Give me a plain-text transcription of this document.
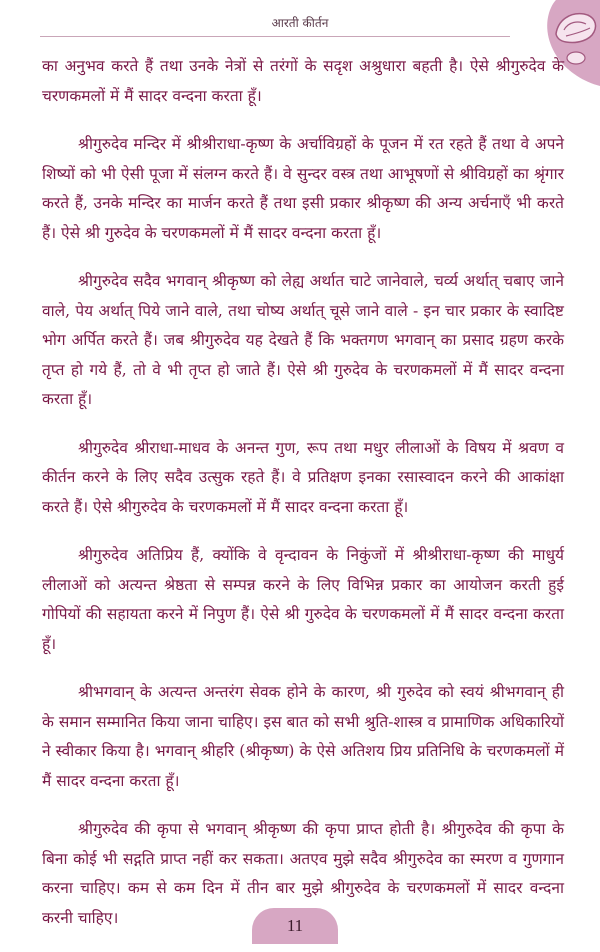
आरती कीर्तन

का अनुभव करते हैं तथा उनके नेत्रों से तरंगों के सदृश अश्रुधारा बहती है। ऐसे श्रीगुरुदेव के चरणकमलों में मैं सादर वन्दना करता हूँ।

श्रीगुरुदेव मन्दिर में श्रीश्रीराधा-कृष्ण के अर्चाविग्रहों के पूजन में रत रहते हैं तथा वे अपने शिष्यों को भी ऐसी पूजा में संलग्न करते हैं। वे सुन्दर वस्त्र तथा आभूषणों से श्रीविग्रहों का श्रृंगार करते हैं, उनके मन्दिर का मार्जन करते हैं तथा इसी प्रकार श्रीकृष्ण की अन्य अर्चनाएँ भी करते हैं। ऐसे श्री गुरुदेव के चरणकमलों में मैं सादर वन्दना करता हूँ।

श्रीगुरुदेव सदैव भगवान् श्रीकृष्ण को लेह्य अर्थात चाटे जानेवाले, चर्व्य अर्थात् चबाए जाने वाले, पेय अर्थात् पिये जाने वाले, तथा चोष्य अर्थात् चूसे जाने वाले - इन चार प्रकार के स्वादिष्ट भोग अर्पित करते हैं। जब श्रीगुरुदेव यह देखते हैं कि भक्तगण भगवान् का प्रसाद ग्रहण करके तृप्त हो गये हैं, तो वे भी तृप्त हो जाते हैं। ऐसे श्री गुरुदेव के चरणकमलों में मैं सादर वन्दना करता हूँ।

श्रीगुरुदेव श्रीराधा-माधव के अनन्त गुण, रूप तथा मधुर लीलाओं के विषय में श्रवण व कीर्तन करने के लिए सदैव उत्सुक रहते हैं। वे प्रतिक्षण इनका रसास्वादन करने की आकांक्षा करते हैं। ऐसे श्रीगुरुदेव के चरणकमलों में मैं सादर वन्दना करता हूँ।

श्रीगुरुदेव अतिप्रिय हैं, क्योंकि वे वृन्दावन के निकुंजों में श्रीश्रीराधा-कृष्ण की माधुर्य लीलाओं को अत्यन्त श्रेष्ठता से सम्पन्न करने के लिए विभिन्न प्रकार का आयोजन करती हुई गोपियों की सहायता करने में निपुण हैं। ऐसे श्री गुरुदेव के चरणकमलों में मैं सादर वन्दना करता हूँ।

श्रीभगवान् के अत्यन्त अन्तरंग सेवक होने के कारण, श्री गुरुदेव को स्वयं श्रीभगवान् ही के समान सम्मानित किया जाना चाहिए। इस बात को सभी श्रुति-शास्त्र व प्रामाणिक अधिकारियों ने स्वीकार किया है। भगवान् श्रीहरि (श्रीकृष्ण) के ऐसे अतिशय प्रिय प्रतिनिधि के चरणकमलों में मैं सादर वन्दना करता हूँ।

श्रीगुरुदेव की कृपा से भगवान् श्रीकृष्ण की कृपा प्राप्त होती है। श्रीगुरुदेव की कृपा के बिना कोई भी सद्गति प्राप्त नहीं कर सकता। अतएव मुझे सदैव श्रीगुरुदेव का स्मरण व गुणगान करना चाहिए। कम से कम दिन में तीन बार मुझे श्रीगुरुदेव के चरणकमलों में सादर वन्दना करनी चाहिए।	11
